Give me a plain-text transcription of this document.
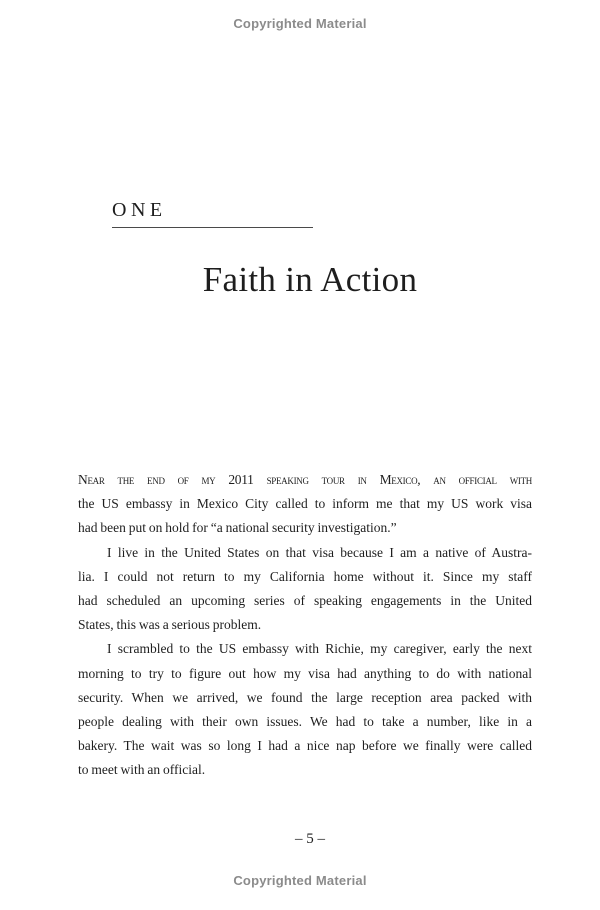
Copyrighted Material
ONE
Faith in Action
Near the end of my 2011 speaking tour in Mexico, an official with
the US embassy in Mexico City called to inform me that my US work visa
had been put on hold for “a national security investigation.”
I live in the United States on that visa because I am a native of Austra-
lia. I could not return to my California home without it. Since my staff
had scheduled an upcoming series of speaking engagements in the United
States, this was a serious problem.
I scrambled to the US embassy with Richie, my caregiver, early the next
morning to try to figure out how my visa had anything to do with national
security. When we arrived, we found the large reception area packed with
people dealing with their own issues. We had to take a number, like in a
bakery. The wait was so long I had a nice nap before we finally were called
to meet with an official.
– 5 –
Copyrighted Material
